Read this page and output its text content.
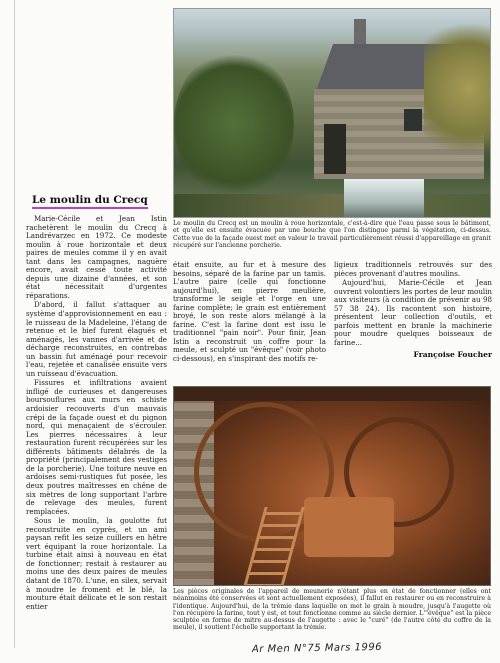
Le moulin du Crecq est un moulin à roue horizontale, c'est-à-dire que l'eau passe sous le bâtiment, et qu'elle est ensuite évacuée par une bouche que l'on distingue parmi la végétation, ci-dessus. Cette vue de la façade ouest met en valeur le travail particulièrement réussi d'appareillage en granit récupéré sur l'ancienne porcherie.
Le moulin du Crecq

Marie-Cécile et Jean Istin rachetèrent le moulin du Crecq à Landrévarzec en 1972. Ce modeste moulin à roue horizontale et deux paires de meules comme il y en avait tant dans les campagnes, naguère encore, avait cessé toute activité depuis une dizaine d'années, et son état nécessitait d'urgentes réparations.

D'abord, il fallut s'attaquer au système d'approvisionnement en eau : le ruisseau de la Madeleine, l'étang de retenue et le bief furent élagués et aménagés, les vannes d'arrivée et de décharge reconstruites, en contrebas un bassin fut aménagé pour recevoir l'eau, rejetée et canalisée ensuite vers un ruisseau d'évacuation.

Fissures et infiltrations avaient infligé de curieuses et dangereuses boursouflures aux murs en schiste ardoisier recouverts d'un mauvais crépi de la façade ouest et du pignon nord, qui menaçaient de s'écrouler. Les pierres nécessaires à leur restauration furent récupérées sur les différents bâtiments délabrés de la propriété (principalement des vestiges de la porcherie). Une toiture neuve en ardoises semi-rustiques fut posée, les deux poutres maîtresses en chêne de six mètres de long supportant l'arbre de relevage des meules, furent remplacées.

Sous le moulin, la goulotte fut reconstruite en cyprès, et un ami paysan refit les seize cuillers en hêtre vert équipant la roue horizontale. La turbine était ainsi à nouveau en état de fonctionner; restait à restaurer au moins une des deux paires de meules datant de 1870. L'une, en silex, servait à moudre le froment et le blé, la mouture était délicate et le son restait entier

était ensuite, au fur et à mesure des besoins, séparé de la farine par un tamis. L'autre paire (celle qui fonctionne aujourd'hui), en pierre meulière, transforme le seigle et l'orge en une farine complète; le grain est entièrement broyé, le son reste alors mélangé à la farine. C'est la farine dont est issu le traditionnel "pain noir". Pour finir, Jean Istin a reconstruit un coffre pour la meule, et sculpté un "évêque" (voir photo ci-dessous), en s'inspirant des motifs re-

ligieux traditionnels retrouvés sur des pièces provenant d'autres moulins.

Aujourd'hui, Marie-Cécile et Jean ouvrent volontiers les portes de leur moulin aux visiteurs (à condition de prévenir au 98 57 38 24). Ils racontent son histoire, présentent leur collection d'outils, et parfois mettent en branle la machinerie pour moudre quelques boisseaux de farine...

Françoise Foucher
Les pièces originales de l'appareil de meunerie n'étant plus en état de fonctionner (elles ont néanmoins été conservées et sont actuellement exposées), il fallut en restaurer ou en reconstruire à l'identique. Aujourd'hui, de la trémie dans laquelle on met le grain à moudre, jusqu'à l'augette où l'on récupère la farine, tout y est, et tout fonctionne comme au siècle dernier. L'"évêque" est la pièce sculptée en forme de mitre au-dessus de l'augette : avec le "curé" (de l'autre côté du coffre de la meule), il soutient l'échelle supportant la trémie.
Ar Men N°75 Mars 1996
